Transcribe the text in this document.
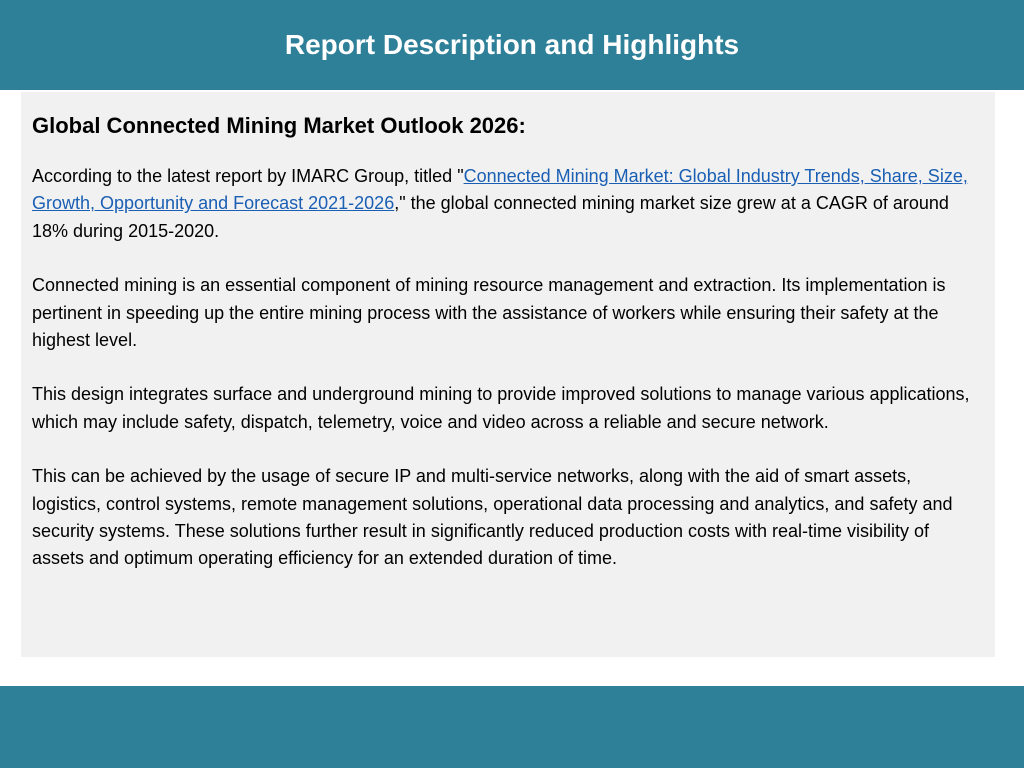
Report Description and Highlights
Global Connected Mining Market Outlook 2026:

According to the latest report by IMARC Group, titled "Connected Mining Market: Global Industry Trends, Share, Size, Growth, Opportunity and Forecast 2021-2026," the global connected mining market size grew at a CAGR of around 18% during 2015-2020.

Connected mining is an essential component of mining resource management and extraction. Its implementation is pertinent in speeding up the entire mining process with the assistance of workers while ensuring their safety at the highest level.

This design integrates surface and underground mining to provide improved solutions to manage various applications, which may include safety, dispatch, telemetry, voice and video across a reliable and secure network.

This can be achieved by the usage of secure IP and multi-service networks, along with the aid of smart assets, logistics, control systems, remote management solutions, operational data processing and analytics, and safety and security systems. These solutions further result in significantly reduced production costs with real-time visibility of assets and optimum operating efficiency for an extended duration of time.
